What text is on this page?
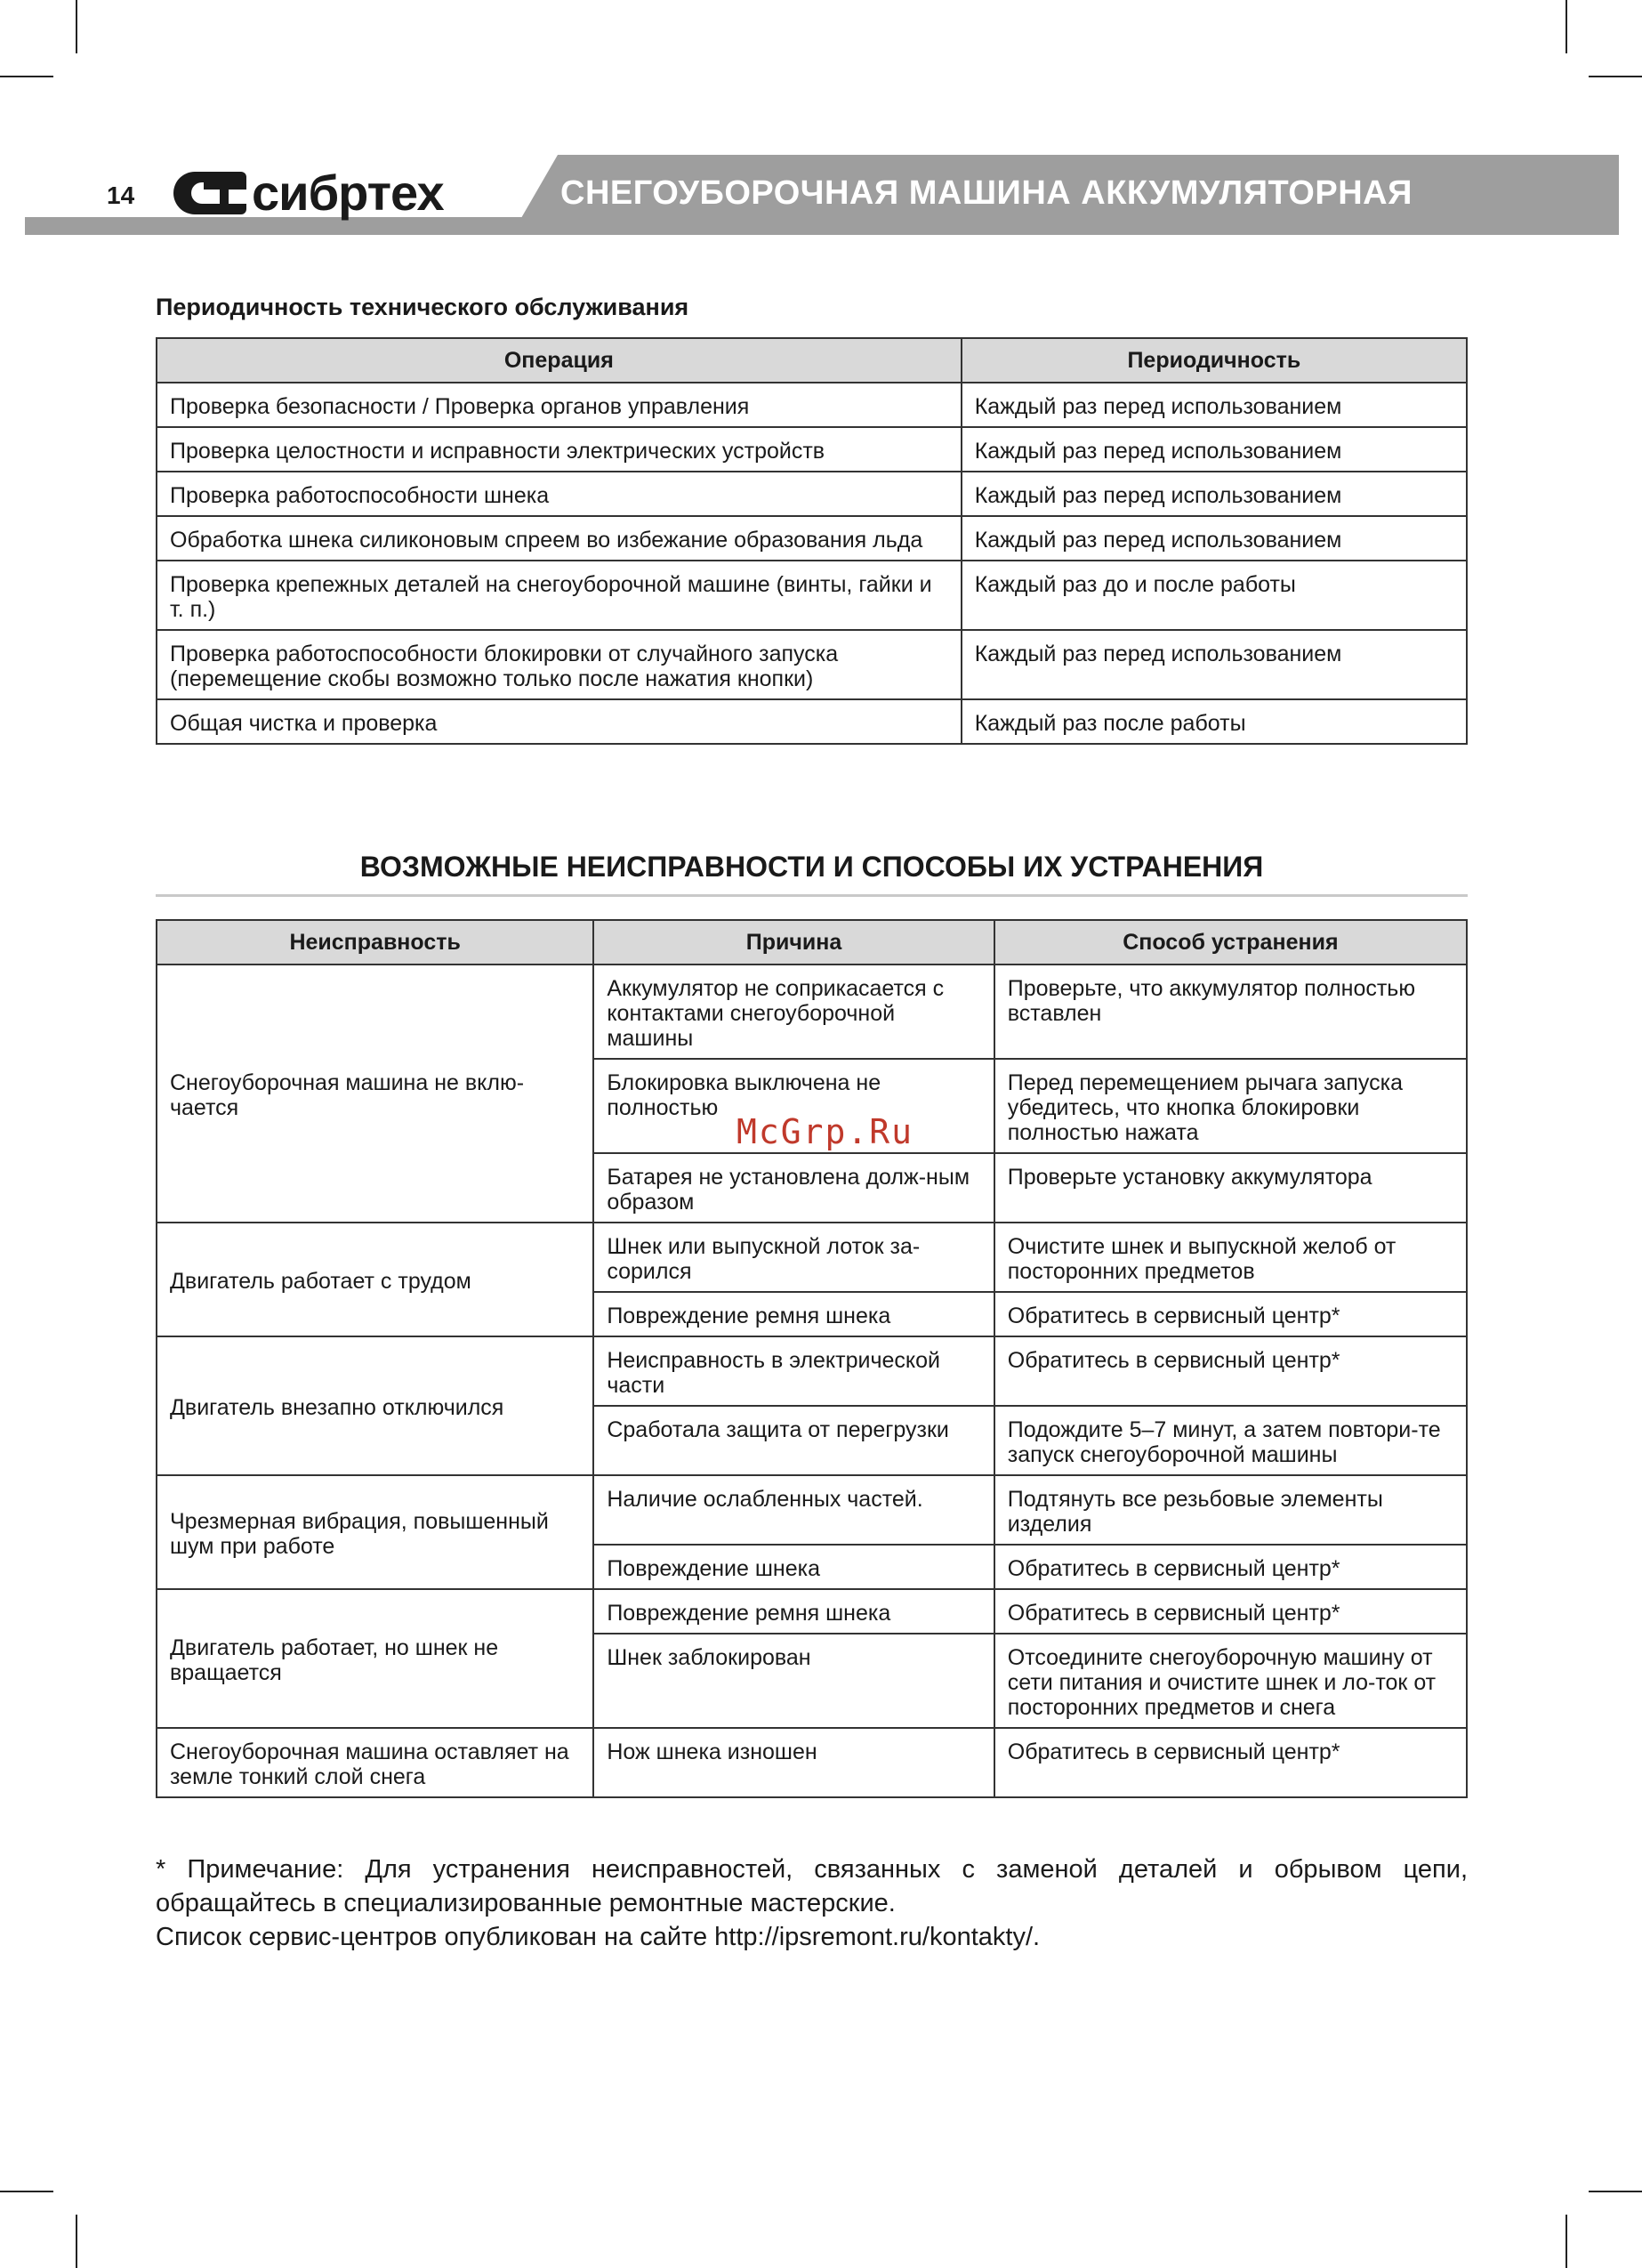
СНЕГОУБОРОЧНАЯ МАШИНА АККУМУЛЯТОРНАЯ
14 сибртех
Периодичность технического обслуживания
Операция	Периодичность
Проверка безопасности / Проверка органов управления	Каждый раз перед использованием
Проверка целостности и исправности электрических устройств	Каждый раз перед использованием
Проверка работоспособности шнека	Каждый раз перед использованием
Обработка шнека силиконовым спреем во избежание образования льда	Каждый раз перед использованием
Проверка крепежных деталей на снегоуборочной машине (винты, гайки и т. п.)	Каждый раз до и после работы
Проверка работоспособности блокировки от случайного запуска (перемещение скобы возможно только после нажатия кнопки)	Каждый раз перед использованием
Общая чистка и проверка	Каждый раз после работы
ВОЗМОЖНЫЕ НЕИСПРАВНОСТИ И СПОСОБЫ ИХ УСТРАНЕНИЯ
Неисправность	Причина	Способ устранения
Снегоуборочная машина не вклю-чается	Аккумулятор не соприкасается с контактами снегоуборочной машины	Проверьте, что аккумулятор полностью вставлен
	Блокировка выключена не полностью	Перед перемещением рычага запуска убедитесь, что кнопка блокировки полностью нажата
	Батарея не установлена долж-ным образом	Проверьте установку аккумулятора
Двигатель работает с трудом	Шнек или выпускной лоток за-сорился	Очистите шнек и выпускной желоб от посторонних предметов
	Повреждение ремня шнека	Обратитесь в сервисный центр*
Двигатель внезапно отключился	Неисправность в электрической части	Обратитесь в сервисный центр*
	Сработала защита от перегрузки	Подождите 5–7 минут, а затем повтори-те запуск снегоуборочной машины
Чрезмерная вибрация, повышенный шум при работе	Наличие ослабленных частей.	Подтянуть все резьбовые элементы изделия
	Повреждение шнека	Обратитесь в сервисный центр*
Двигатель работает, но шнек не вращается	Повреждение ремня шнека	Обратитесь в сервисный центр*
	Шнек заблокирован	Отсоедините снегоуборочную машину от сети питания и очистите шнек и ло-ток от посторонних предметов и снега
Снегоуборочная машина оставляет на земле тонкий слой снега	Нож шнека изношен	Обратитесь в сервисный центр*
McGrp.Ru

* Примечание: Для устранения неисправностей, связанных с заменой деталей и обрывом цепи, обращайтесь в специализированные ремонтные мастерские.

Список сервис-центров опубликован на сайте http://ipsremont.ru/kontakty/.
